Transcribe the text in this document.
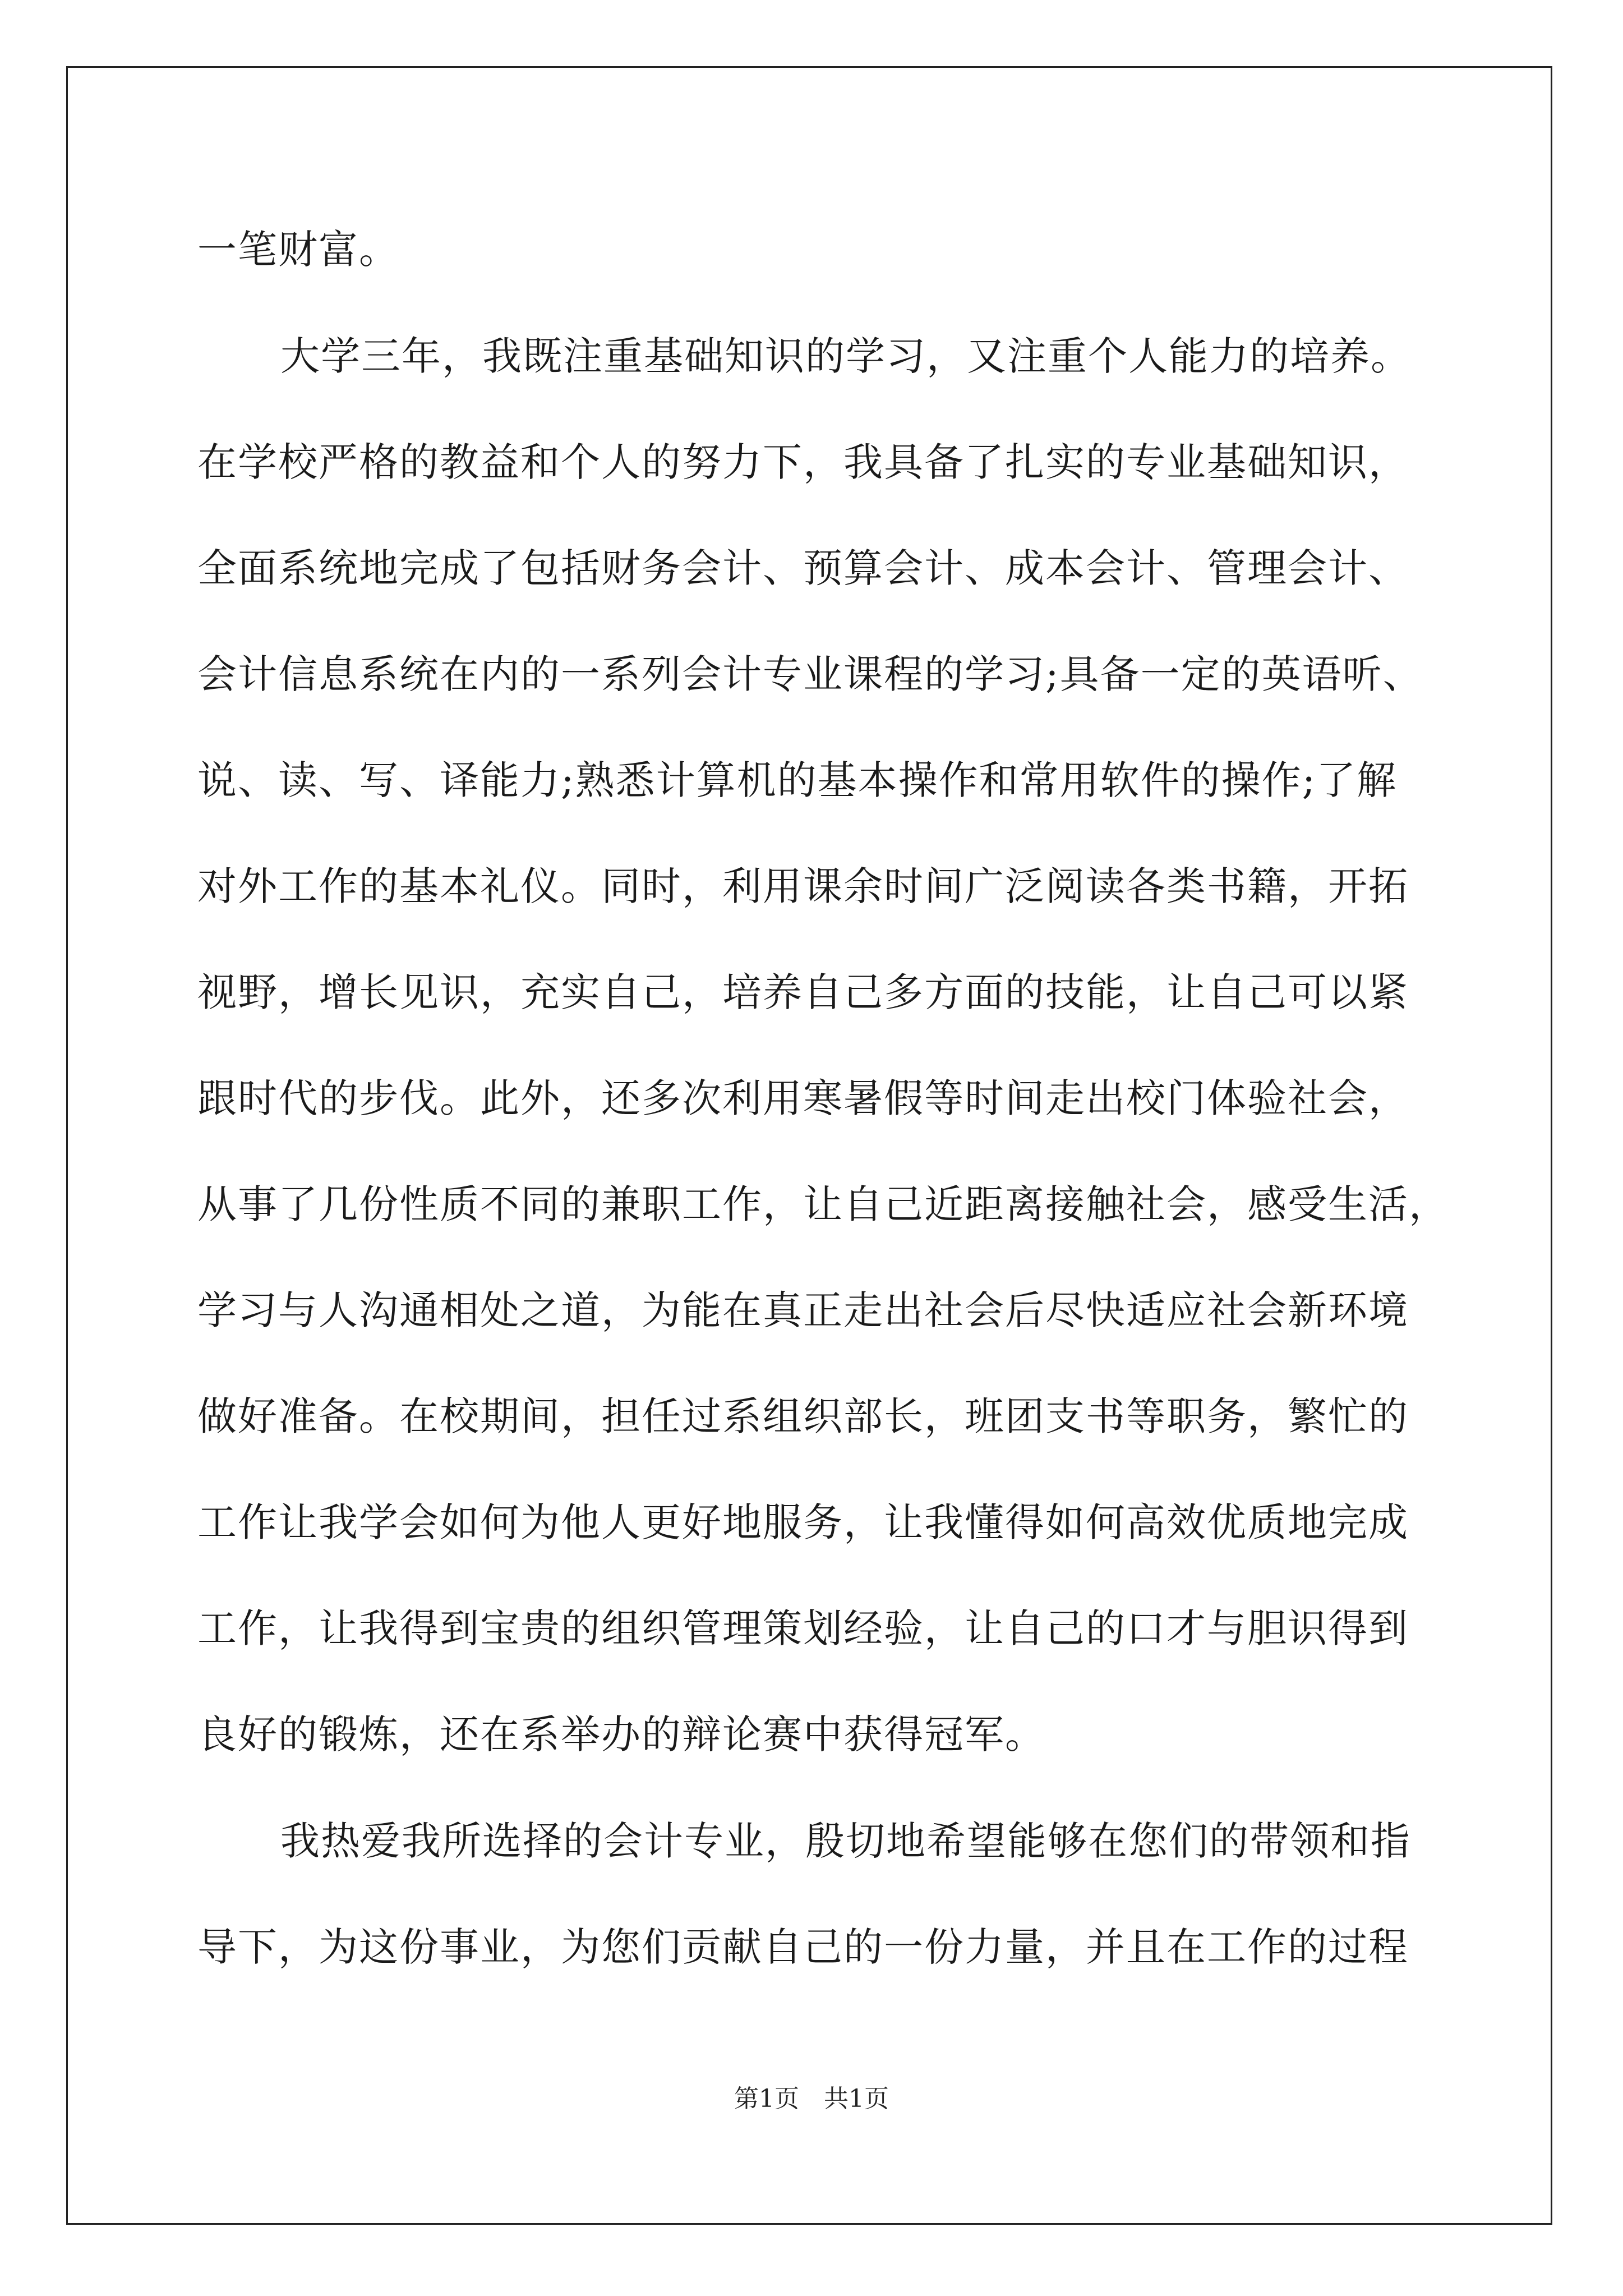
一笔财富。
大学三年，我既注重基础知识的学习，又注重个人能力的培养。
在学校严格的教益和个人的努力下，我具备了扎实的专业基础知识，
全面系统地完成了包括财务会计、预算会计、成本会计、管理会计、
会计信息系统在内的一系列会计专业课程的学习;具备一定的英语听、
说、读、写、译能力;熟悉计算机的基本操作和常用软件的操作;了解
对外工作的基本礼仪。同时，利用课余时间广泛阅读各类书籍，开拓
视野，增长见识，充实自己，培养自己多方面的技能，让自己可以紧
跟时代的步伐。此外，还多次利用寒暑假等时间走出校门体验社会，
从事了几份性质不同的兼职工作，让自己近距离接触社会，感受生活，
学习与人沟通相处之道，为能在真正走出社会后尽快适应社会新环境
做好准备。在校期间，担任过系组织部长，班团支书等职务，繁忙的
工作让我学会如何为他人更好地服务，让我懂得如何高效优质地完成
工作，让我得到宝贵的组织管理策划经验，让自己的口才与胆识得到
良好的锻炼，还在系举办的辩论赛中获得冠军。
我热爱我所选择的会计专业，殷切地希望能够在您们的带领和指
导下，为这份事业，为您们贡献自己的一份力量，并且在工作的过程
第1页　共1页
